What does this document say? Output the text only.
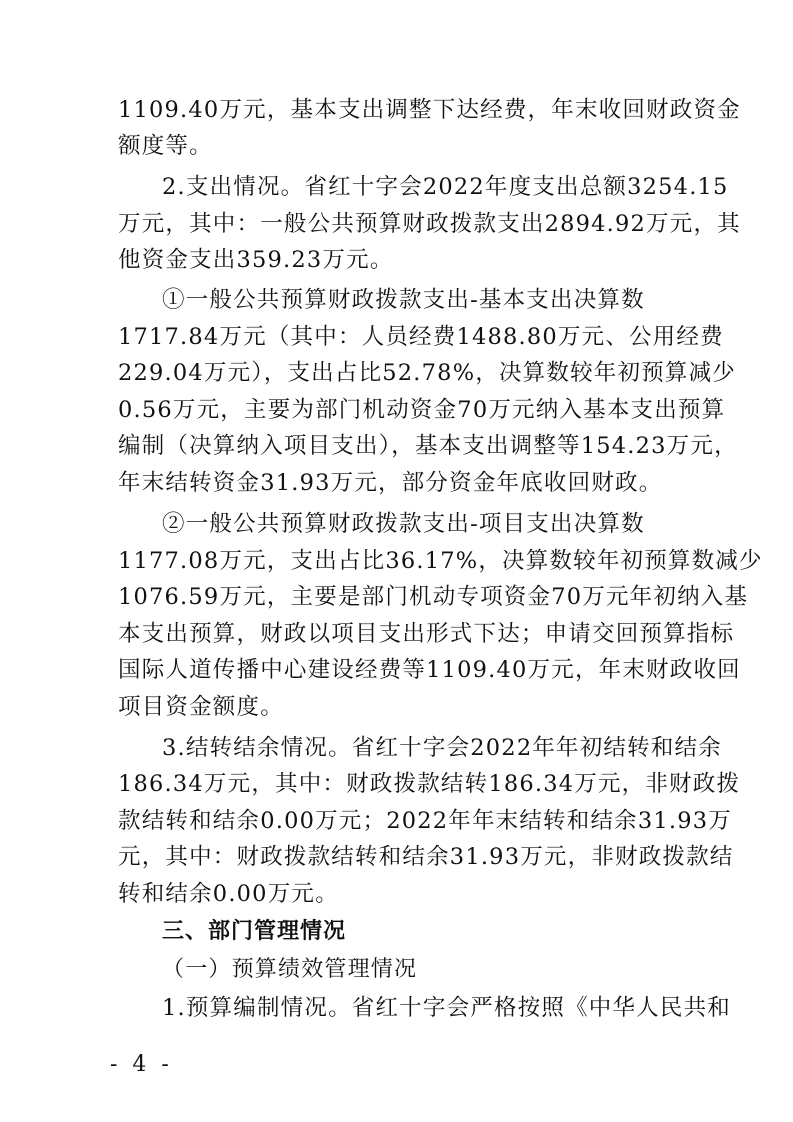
1109.40万元，基本支出调整下达经费，年末收回财政资金
额度等。
2.支出情况。省红十字会2022年度支出总额3254.15
万元，其中：一般公共预算财政拨款支出2894.92万元，其
他资金支出359.23万元。
①一般公共预算财政拨款支出-基本支出决算数
1717.84万元（其中：人员经费1488.80万元、公用经费
229.04万元），支出占比52.78%，决算数较年初预算减少
0.56万元，主要为部门机动资金70万元纳入基本支出预算
编制（决算纳入项目支出），基本支出调整等154.23万元，
年末结转资金31.93万元，部分资金年底收回财政。
②一般公共预算财政拨款支出-项目支出决算数
1177.08万元，支出占比36.17%，决算数较年初预算数减少
1076.59万元，主要是部门机动专项资金70万元年初纳入基
本支出预算，财政以项目支出形式下达；申请交回预算指标
国际人道传播中心建设经费等1109.40万元，年末财政收回
项目资金额度。
3.结转结余情况。省红十字会2022年年初结转和结余
186.34万元，其中：财政拨款结转186.34万元，非财政拨
款结转和结余0.00万元；2022年年末结转和结余31.93万
元，其中：财政拨款结转和结余31.93万元，非财政拨款结
转和结余0.00万元。
三、部门管理情况
（一）预算绩效管理情况
1.预算编制情况。省红十字会严格按照《中华人民共和
- 4 -
